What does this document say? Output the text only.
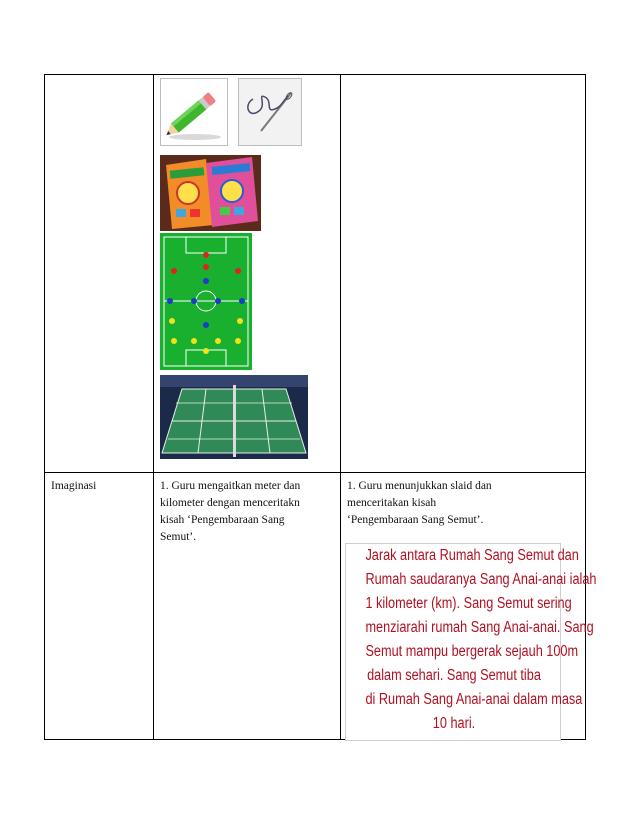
Imaginasi	1. Guru mengaitkan meter dan
kilometer dengan menceritakn
kisah ‘Pengembaraan Sang
Semut’.	1. Guru menunjukkan slaid dan
menceritakan kisah
‘Pengembaraan Sang Semut’.
Jarak antara Rumah Sang Semut dan
Rumah saudaranya Sang Anai-anai ialah
1 kilometer (km). Sang Semut sering
menziarahi rumah Sang Anai-anai. Sang
Semut mampu bergerak sejauh 100m
dalam sehari. Sang Semut tiba
di Rumah Sang Anai-anai dalam masa
10 hari.
